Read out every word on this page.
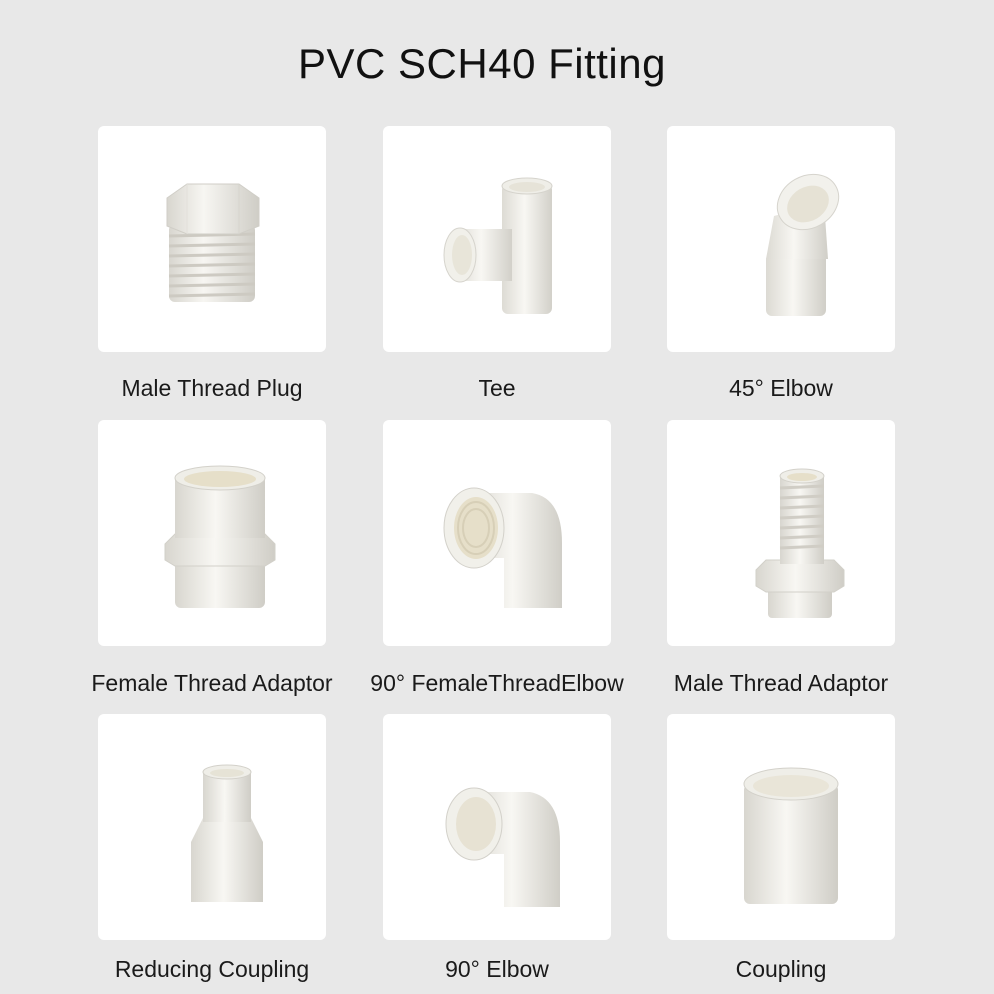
PVC SCH40 Fitting
Male Thread Plug	Tee	45° Elbow
Female Thread Adaptor	90° FemaleThreadElbow	Male Thread Adaptor
Reducing Coupling	90° Elbow	Coupling
